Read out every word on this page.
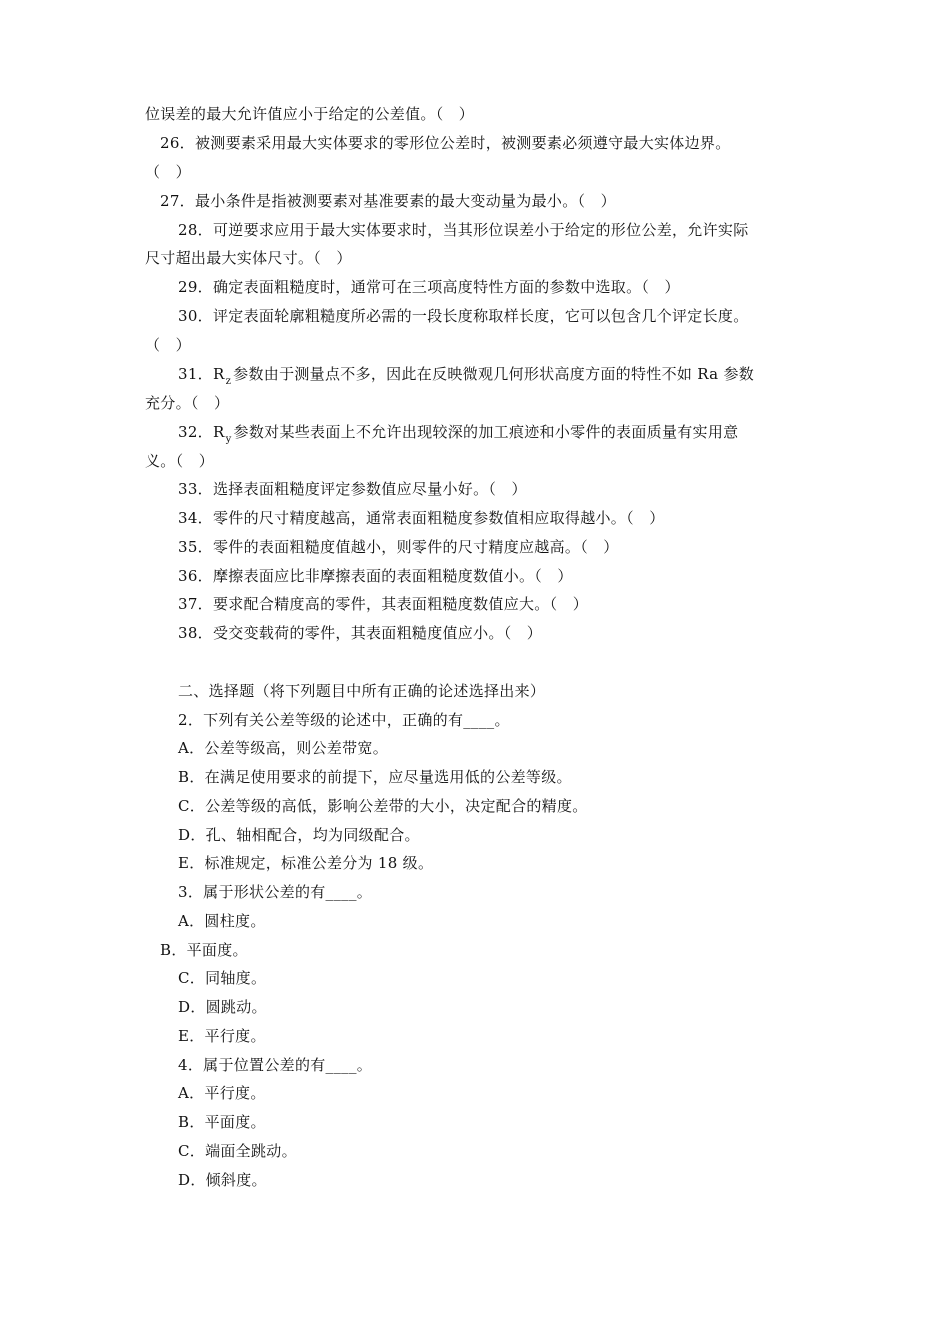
位误差的最大允许值应小于给定的公差值。（　）
26．被测要素采用最大实体要求的零形位公差时，被测要素必须遵守最大实体边界。
（　）
27．最小条件是指被测要素对基准要素的最大变动量为最小。（　）
28．可逆要求应用于最大实体要求时，当其形位误差小于给定的形位公差，允许实际
尺寸超出最大实体尺寸。（　）
29．确定表面粗糙度时，通常可在三项高度特性方面的参数中选取。（　）
30．评定表面轮廓粗糙度所必需的一段长度称取样长度，它可以包含几个评定长度。
（　）
31．$R_z$ 参数由于测量点不多，因此在反映微观几何形状高度方面的特性不如 Ra 参数
充分。（　）
32．$R_y$ 参数对某些表面上不允许出现较深的加工痕迹和小零件的表面质量有实用意
义。（　）
33．选择表面粗糙度评定参数值应尽量小好。（　）
34．零件的尺寸精度越高，通常表面粗糙度参数值相应取得越小。（　）
35．零件的表面粗糙度值越小，则零件的尺寸精度应越高。（　）
36．摩擦表面应比非摩擦表面的表面粗糙度数值小。（　）
37．要求配合精度高的零件，其表面粗糙度数值应大。（　）
38．受交变载荷的零件，其表面粗糙度值应小。（　）
二、选择题（将下列题目中所有正确的论述选择出来）
2．下列有关公差等级的论述中，正确的有____。
A．公差等级高，则公差带宽。
B．在满足使用要求的前提下，应尽量选用低的公差等级。
C．公差等级的高低，影响公差带的大小，决定配合的精度。
D．孔、轴相配合，均为同级配合。
E．标准规定，标准公差分为 18 级。
3．属于形状公差的有____。
A．圆柱度。
B．平面度。
C．同轴度。
D．圆跳动。
E．平行度。
4．属于位置公差的有____。
A．平行度。
B．平面度。
C．端面全跳动。
D．倾斜度。
